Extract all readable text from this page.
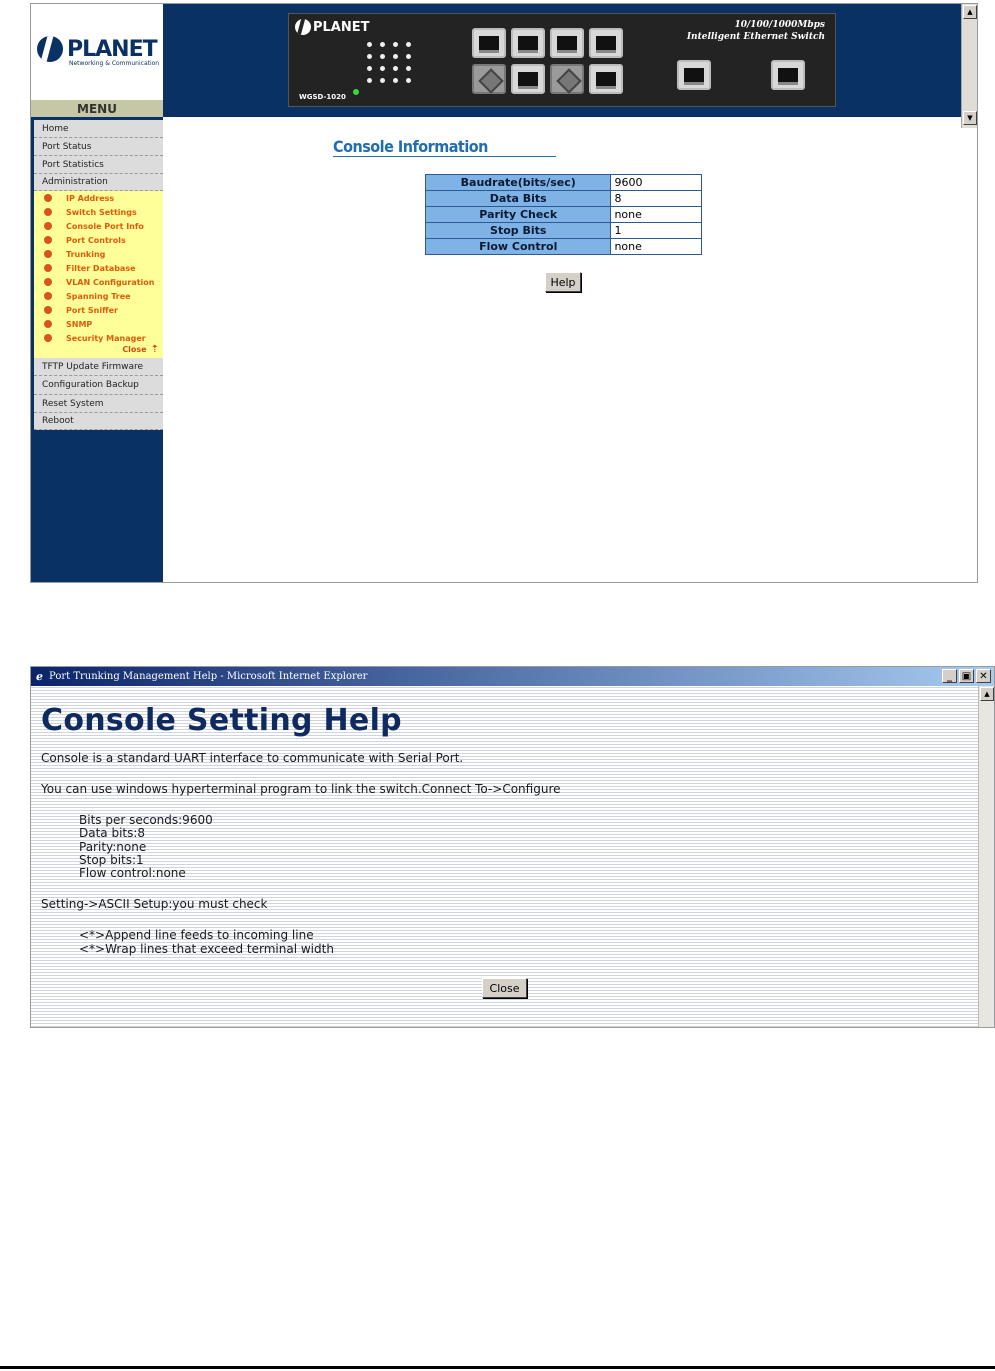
PLANET
Networking & Communication
MENU
Home
Port Status
Port Statistics
Administration
IP Address
Switch Settings
Console Port Info
Port Controls
Trunking
Filter Database
VLAN Configuration
Spanning Tree
Port Sniffer
SNMP
Security Manager
Close ⇡
TFTP Update Firmware
Configuration Backup
Reset System
Reboot
PLANET
WGSD-1020
10/100/1000Mbps
Intelligent Ethernet Switch
Console Information
Baudrate(bits/sec)	9600
Data Bits	8
Parity Check	none
Stop Bits	1
Flow Control	none
Help
▲
▼
ℯ Port Trunking Management Help - Microsoft Internet Explorer	_ ▣ ✕
▲
Console Setting Help
Console is a standard UART interface to communicate with Serial Port.
You can use windows hyperterminal program to link the switch.Connect To->Configure
Bits per seconds:9600
Data bits:8
Parity:none
Stop bits:1
Flow control:none
Setting->ASCII Setup:you must check
<*>Append line feeds to incoming line
<*>Wrap lines that exceed terminal width
Close
